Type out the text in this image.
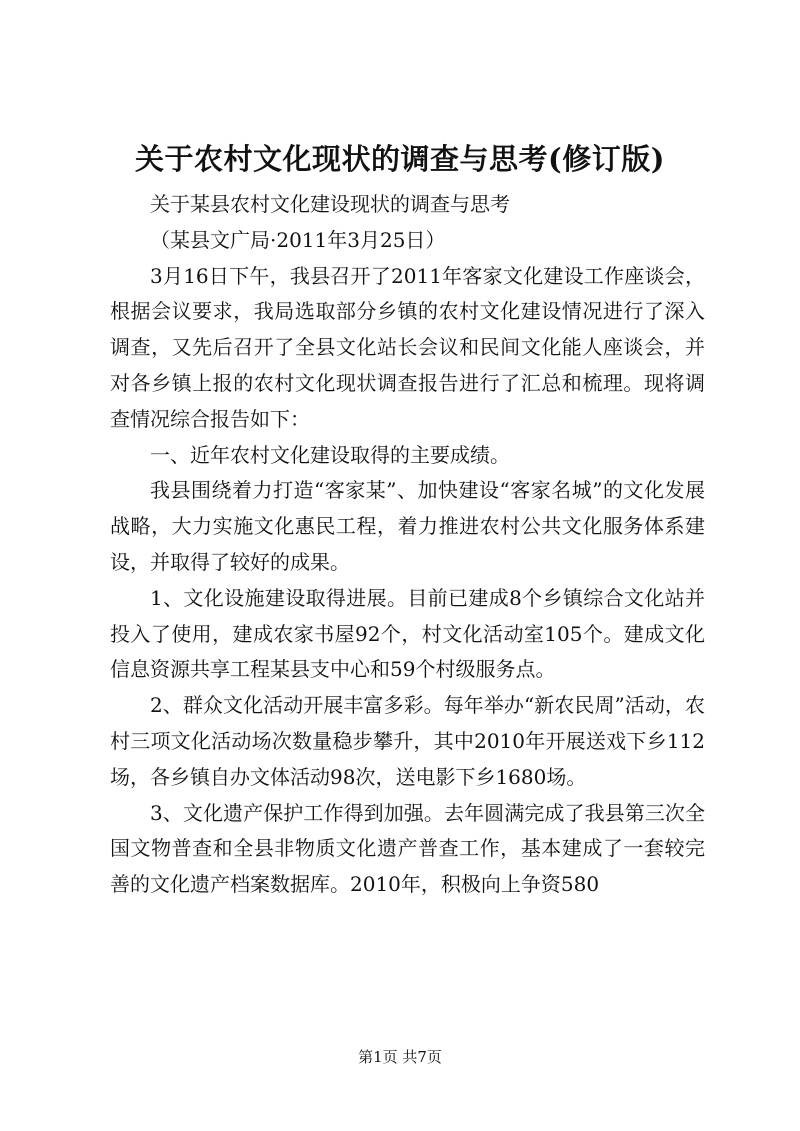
关于农村文化现状的调查与思考(修订版)

关于某县农村文化建设现状的调查与思考

（某县文广局·2011年3月25日）

3月16日下午，我县召开了2011年客家文化建设工作座谈会，根据会议要求，我局选取部分乡镇的农村文化建设情况进行了深入调查，又先后召开了全县文化站长会议和民间文化能人座谈会，并对各乡镇上报的农村文化现状调查报告进行了汇总和梳理。现将调查情况综合报告如下：

一、近年农村文化建设取得的主要成绩。

我县围绕着力打造“客家某”、加快建设“客家名城”的文化发展战略，大力实施文化惠民工程，着力推进农村公共文化服务体系建设，并取得了较好的成果。

1、文化设施建设取得进展。目前已建成8个乡镇综合文化站并投入了使用，建成农家书屋92个，村文化活动室105个。建成文化信息资源共享工程某县支中心和59个村级服务点。

2、群众文化活动开展丰富多彩。每年举办“新农民周”活动，农村三项文化活动场次数量稳步攀升，其中2010年开展送戏下乡112场，各乡镇自办文体活动98次，送电影下乡1680场。

3、文化遗产保护工作得到加强。去年圆满完成了我县第三次全国文物普查和全县非物质文化遗产普查工作，基本建成了一套较完善的文化遗产档案数据库。2010年，积极向上争资580

第1页 共7页
